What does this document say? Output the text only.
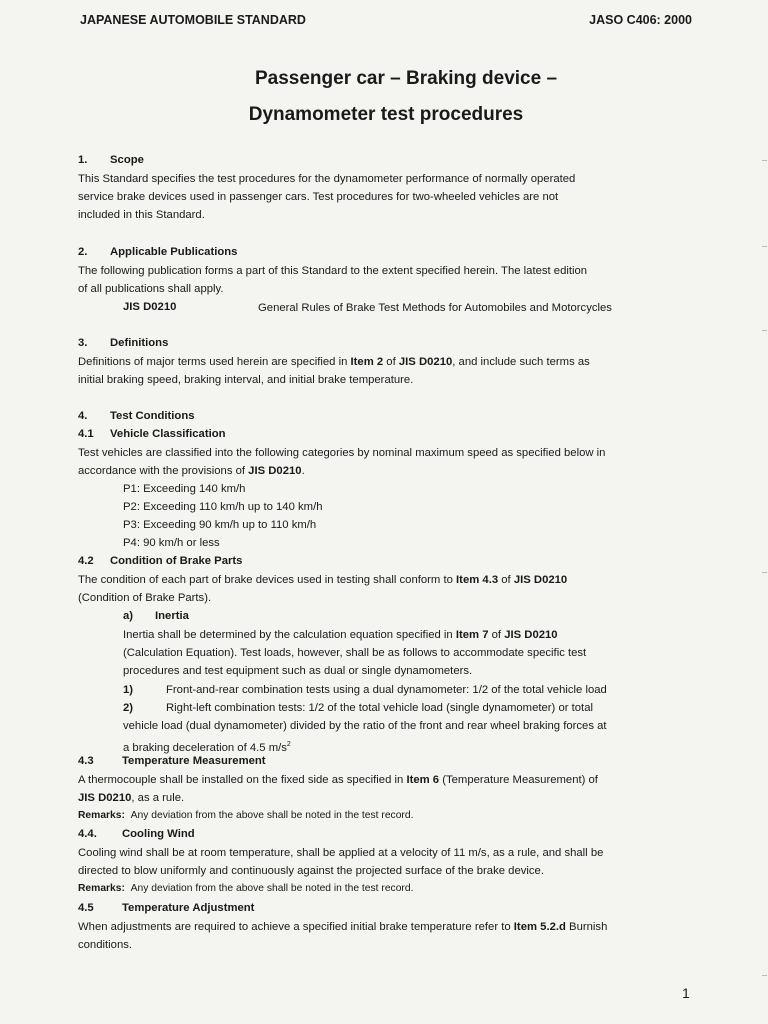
JAPANESE AUTOMOBILE STANDARD	JASO C406: 2000
Passenger car – Braking device –
Dynamometer test procedures
1. Scope
This Standard specifies the test procedures for the dynamometer performance of normally operated
service brake devices used in passenger cars. Test procedures for two-wheeled vehicles are not
included in this Standard.
2. Applicable Publications
The following publication forms a part of this Standard to the extent specified herein. The latest edition
of all publications shall apply.
JIS D0210	General Rules of Brake Test Methods for Automobiles and Motorcycles
3. Definitions
Definitions of major terms used herein are specified in Item 2 of JIS D0210, and include such terms as
initial braking speed, braking interval, and initial brake temperature.
4. Test Conditions
4.1 Vehicle Classification
Test vehicles are classified into the following categories by nominal maximum speed as specified below in
accordance with the provisions of JIS D0210.
P1: Exceeding 140 km/h
P2: Exceeding 110 km/h up to 140 km/h
P3: Exceeding 90 km/h up to 110 km/h
P4: 90 km/h or less
4.2 Condition of Brake Parts
The condition of each part of brake devices used in testing shall conform to Item 4.3 of JIS D0210
(Condition of Brake Parts).
a) Inertia
Inertia shall be determined by the calculation equation specified in Item 7 of JIS D0210
(Calculation Equation). Test loads, however, shall be as follows to accommodate specific test
procedures and test equipment such as dual or single dynamometers.
1)	Front-and-rear combination tests using a dual dynamometer: 1/2 of the total vehicle load
2)	Right-left combination tests: 1/2 of the total vehicle load (single dynamometer) or total
vehicle load (dual dynamometer) divided by the ratio of the front and rear wheel braking forces at
a braking deceleration of 4.5 $m/s^2$
4.3	Temperature Measurement
A thermocouple shall be installed on the fixed side as specified in Item 6 (Temperature Measurement) of
JIS D0210, as a rule.
Remarks: Any deviation from the above shall be noted in the test record.
4.4. Cooling Wind
Cooling wind shall be at room temperature, shall be applied at a velocity of 11 m/s, as a rule, and shall be
directed to blow uniformly and continuously against the projected surface of the brake device.
Remarks: Any deviation from the above shall be noted in the test record.
4.5	Temperature Adjustment
When adjustments are required to achieve a specified initial brake temperature refer to Item 5.2.d Burnish
conditions.
1
